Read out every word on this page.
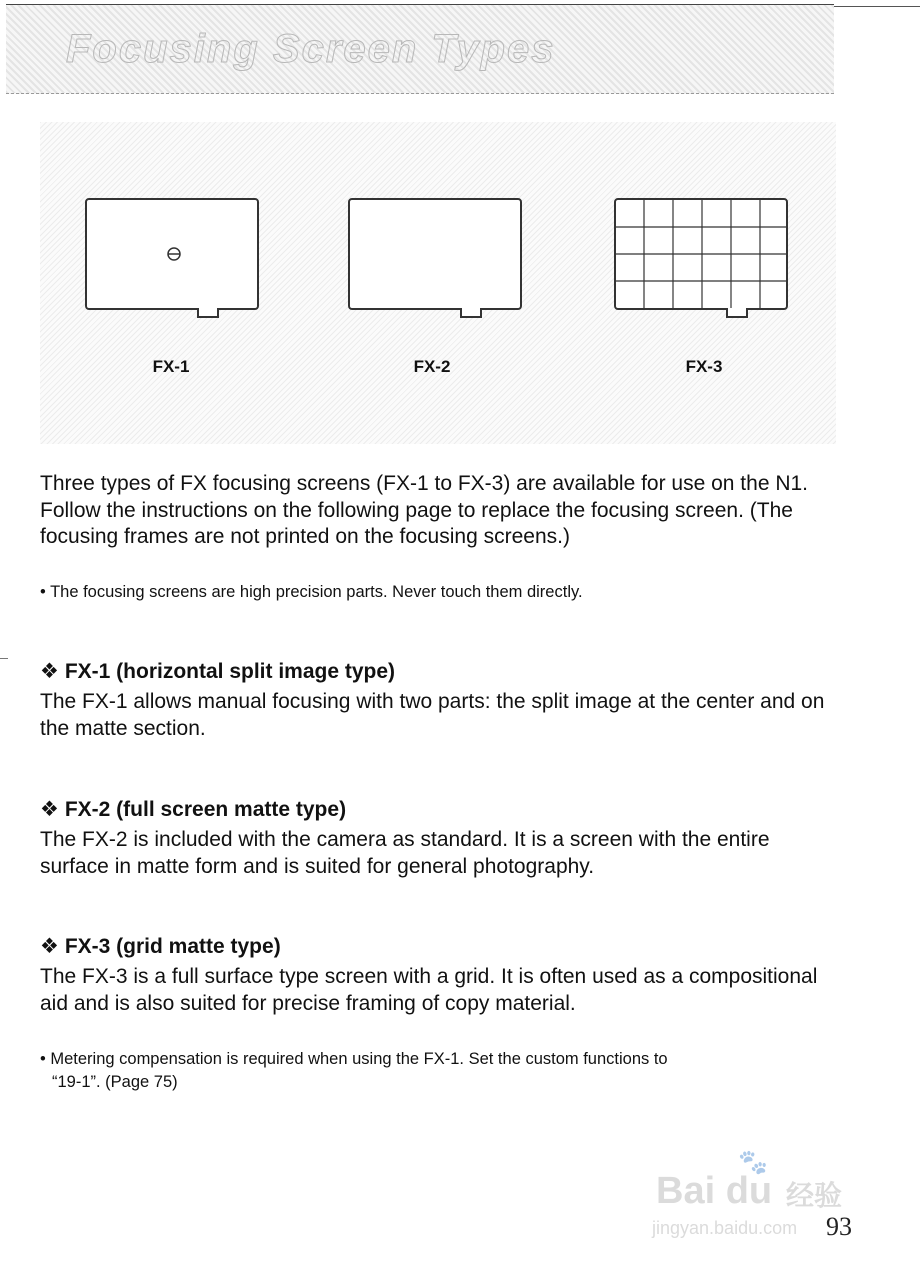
Focusing Screen Types
FX-1	FX-2	FX-3

Three types of FX focusing screens (FX-1 to FX-3) are available for use on the N1. Follow the instructions on the following page to replace the focusing screen. (The focusing frames are not printed on the focusing screens.)

• The focusing screens are high precision parts. Never touch them directly.

❖ FX-1 (horizontal split image type)

The FX-1 allows manual focusing with two parts: the split image at the center and on the matte section.

❖ FX-2 (full screen matte type)

The FX-2 is included with the camera as standard. It is a screen with the entire surface in matte form and is suited for general photography.

❖ FX-3 (grid matte type)

The FX-3 is a full surface type screen with a grid. It is often used as a compositional aid and is also suited for precise framing of copy material.

• Metering compensation is required when using the FX-1. Set the custom functions to

“19-1”. (Page 75)

🐾
Bai du 经验
jingyan.baidu.com 93
